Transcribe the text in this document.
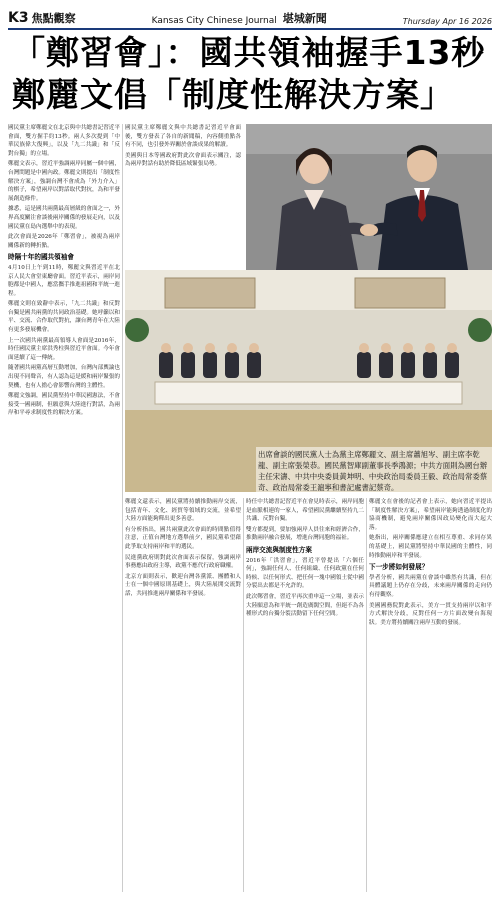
K3 焦點觀察	Kansas City Chinese Journal 堪城新聞	Thursday Apr 16 2026
「鄭習會」：國共領袖握手13秒
鄭麗文倡「制度性解決方案」

國民黨主席鄭麗文在北京與中共總書記習近平會面，雙方握手約13秒。兩人多次提到「中華民族偉大復興」，以及「九二共識」和「反對台獨」的立場。

鄭麗文表示，習近平強調兩岸同屬一個中國，台灣問題是中國內政。鄭麗文則提出「制度性解決方案」，強調台灣不會成為「外力介入」的棋子，希望兩岸以對話取代對抗，為和平發展創造條件。

據悉，這是國共兩黨最高層級的會面之一，外界高度關注會談後兩岸關係的發展走向，以及國民黨在島內選舉中的表現。

此次會面是2026年「鄭習會」，被視為兩岸關係新的轉折點。

時隔十年的國共領袖會

4月10日上午到11時，鄭麗文與習近平在北京人民大會堂東廳會面。習近平表示，兩岸同胞都是中國人，應當攜手推進祖國和平統一進程。

鄭麗文則在致辭中表示，「九二共識」和反對台獨是國共兩黨的共同政治基礎。她呼籲以和平、交流、合作取代對抗，讓台灣青年在大陸有更多發展機會。

上一次國共兩黨最高領導人會面是2016年，時任國民黨主席洪秀柱與習近平會面。今年會面延續了這一傳統。

隨著國共兩黨高層互動增加，台灣內部輿論也出現不同聲音，有人認為這是緩和兩岸緊張的契機，也有人擔心會影響台灣的主體性。

鄭麗文強調，國民黨堅持中華民國憲法，不會接受一國兩制，但願意與大陸進行對話，為兩岸和平尋求制度性的解決方案。

國民黨主席鄭麗文與中共總書記習近平會面後，雙方發表了各自的新聞稿，內容側重點各有不同，也引發外界關於會談成果的解讀。

美國與日本等國政府對此次會面表示關注，認為兩岸對話有助於降低區域緊張局勢。

出席會談的國民黨人士為黨主席鄭麗文、副主席蕭旭岑、副主席李乾龍、副主席張榮恭。國民黨智庫副董事長季鴻源；中共方面則為國台辦主任宋濤、中共中央委員黃坤明、中央政治局委員王毅、政治局常委蔡奇、政治局常委王滬寧和書記處書記蔡奇。

鄭麗文還表示，國民黨將持續推動兩岸交流，包括青年、文化、經貿等領域的交流，並希望大陸方面能夠釋出更多善意。

有分析指出，國共兩黨此次會面的時間點值得注意，正值台灣地方選舉前夕，國民黨希望藉此爭取支持兩岸和平的選民。

民進黨政府則對此次會面表示保留，強調兩岸事務應由政府主導，政黨不應代行政府職權。

北京方面則表示，歡迎台灣各黨派、團體和人士在一個中國原則基礎上，與大陸展開交流對話，共同推進兩岸關係和平發展。

時任中共總書記習近平在會見時表示，兩岸同胞是血脈相連的一家人，希望國民黨繼續堅持九二共識、反對台獨。

雙方都提到，要加強兩岸人員往來和經濟合作，推動兩岸融合發展，增進台灣同胞的福祉。

兩岸交流與制度性方案

2016年「洪習會」，習近平曾提出「六個任何」，強調任何人、任何組織、任何政黨在任何時候、以任何形式、把任何一塊中國領土從中國分裂出去都是不允許的。

此次鄭習會，習近平再次重申這一立場，並表示大陸願意為和平統一創造廣闊空間，但絕不為各種形式的台獨分裂活動留下任何空間。

鄭麗文在會後的記者會上表示，她向習近平提出「制度性解決方案」，希望兩岸能夠透過制度化的協商機制，避免兩岸關係因政局變化而大起大落。

她指出，兩岸關係應建立在相互尊重、求同存異的基礎上，國民黨將堅持中華民國的主體性，同時推動兩岸和平發展。

下一步將如何發展？

學者分析，國共兩黨在會談中雖然有共識，但在具體議題上仍存在分歧，未來兩岸關係的走向仍有待觀察。

美國國務院對此表示，美方一貫支持兩岸以和平方式解決分歧，反對任何一方片面改變台海現狀。美方將持續關注兩岸互動的發展。
